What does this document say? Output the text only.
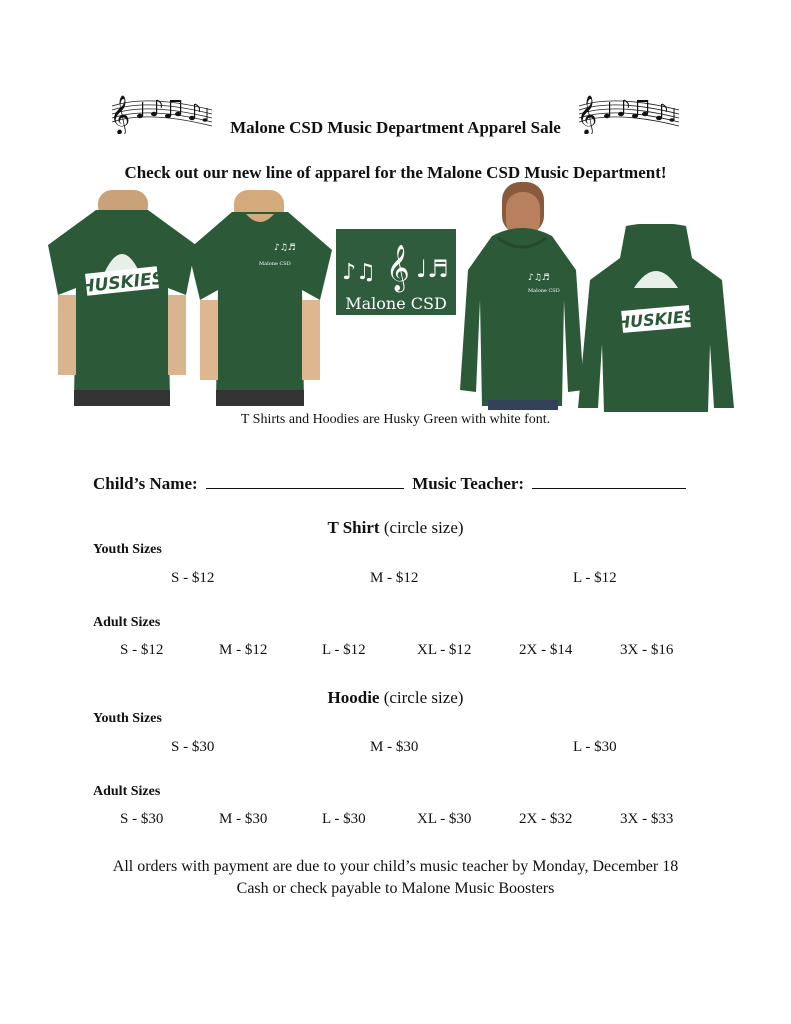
𝄞	𝄞
Malone CSD Music Department Apparel Sale
Check out our new line of apparel for the Malone CSD Music Department!
HUSKIES
♪♫♬
Malone CSD ♪♫ 𝄞 ♩♬
Malone CSD
♪♫♬
Malone CSD
HUSKIES
T Shirts and Hoodies are Husky Green with white font.
Child’s Name:	Music Teacher:
T Shirt (circle size)
Youth Sizes
S - $12	M - $12	L - $12
Adult Sizes
S - $12	M - $12	L - $12	XL - $12	2X - $14	3X - $16
Hoodie (circle size)
Youth Sizes
S - $30	M - $30	L - $30
Adult Sizes
S - $30	M - $30	L - $30	XL - $30	2X - $32	3X - $33
All orders with payment are due to your child’s music teacher by Monday, December 18
Cash or check payable to Malone Music Boosters
